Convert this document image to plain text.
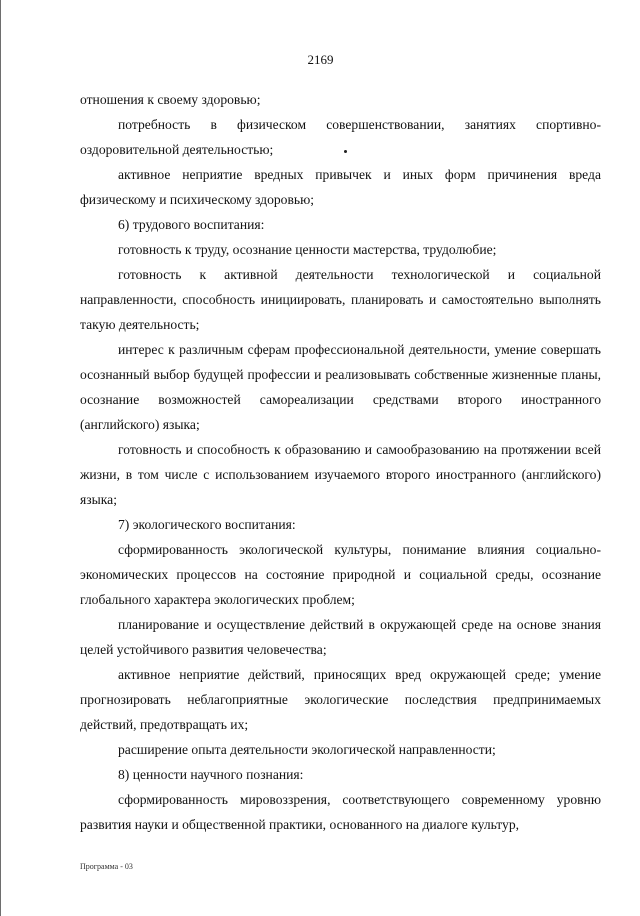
2169

отношения к своему здоровью;

потребность в физическом совершенствовании, занятиях спортивно-оздоровительной деятельностью;

активное неприятие вредных привычек и иных форм причинения вреда физическому и психическому здоровью;

6) трудового воспитания:

готовность к труду, осознание ценности мастерства, трудолюбие;

готовность к активной деятельности технологической и социальной направленности, способность инициировать, планировать и самостоятельно выполнять такую деятельность;

интерес к различным сферам профессиональной деятельности, умение совершать осознанный выбор будущей профессии и реализовывать собственные жизненные планы, осознание возможностей самореализации средствами второго иностранного (английского) языка;

готовность и способность к образованию и самообразованию на протяжении всей жизни, в том числе с использованием изучаемого второго иностранного (английского) языка;

7) экологического воспитания:

сформированность экологической культуры, понимание влияния социально-экономических процессов на состояние природной и социальной среды, осознание глобального характера экологических проблем;

планирование и осуществление действий в окружающей среде на основе знания целей устойчивого развития человечества;

активное неприятие действий, приносящих вред окружающей среде; умение прогнозировать неблагоприятные экологические последствия предпринимаемых действий, предотвращать их;

расширение опыта деятельности экологической направленности;

8) ценности научного познания:

сформированность мировоззрения, соответствующего современному уровню развития науки и общественной практики, основанного на диалоге культур,

Программа - 03
